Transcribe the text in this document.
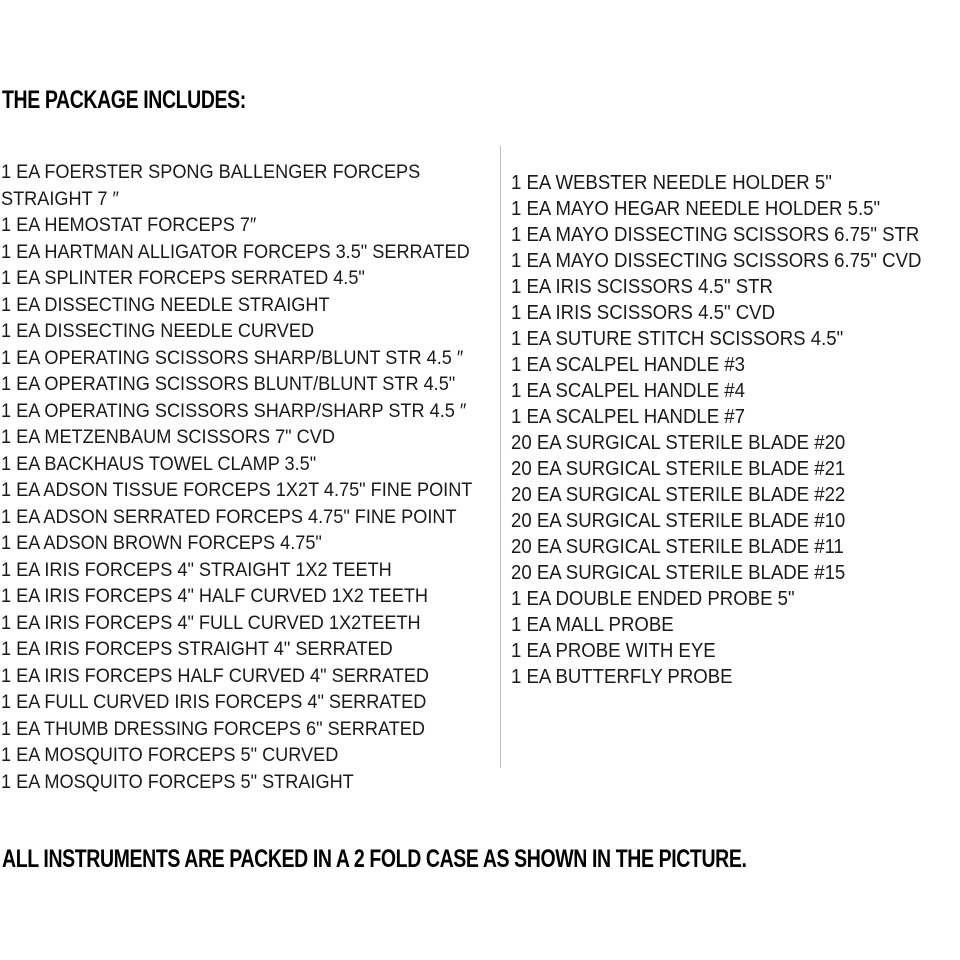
THE PACKAGE INCLUDES:
1 EA FOERSTER SPONG BALLENGER FORCEPS
STRAIGHT 7 ″
1 EA HEMOSTAT FORCEPS 7″
1 EA HARTMAN ALLIGATOR FORCEPS 3.5" SERRATED
1 EA SPLINTER FORCEPS SERRATED 4.5"
1 EA DISSECTING NEEDLE STRAIGHT
1 EA DISSECTING NEEDLE CURVED
1 EA OPERATING SCISSORS SHARP/BLUNT STR 4.5 ″
1 EA OPERATING SCISSORS BLUNT/BLUNT STR 4.5"
1 EA OPERATING SCISSORS SHARP/SHARP STR 4.5 ″
1 EA METZENBAUM SCISSORS 7" CVD
1 EA BACKHAUS TOWEL CLAMP 3.5"
1 EA ADSON TISSUE FORCEPS 1X2T 4.75" FINE POINT
1 EA ADSON SERRATED FORCEPS 4.75" FINE POINT
1 EA ADSON BROWN FORCEPS 4.75"
1 EA IRIS FORCEPS 4" STRAIGHT 1X2 TEETH
1 EA IRIS FORCEPS 4" HALF CURVED 1X2 TEETH
1 EA IRIS FORCEPS 4" FULL CURVED 1X2TEETH
1 EA IRIS FORCEPS STRAIGHT 4" SERRATED
1 EA IRIS FORCEPS HALF CURVED 4" SERRATED
1 EA FULL CURVED IRIS FORCEPS 4" SERRATED
1 EA THUMB DRESSING FORCEPS 6" SERRATED
1 EA MOSQUITO FORCEPS 5" CURVED
1 EA MOSQUITO FORCEPS 5" STRAIGHT
1 EA WEBSTER NEEDLE HOLDER 5"
1 EA MAYO HEGAR NEEDLE HOLDER 5.5"
1 EA MAYO DISSECTING SCISSORS 6.75" STR
1 EA MAYO DISSECTING SCISSORS 6.75" CVD
1 EA IRIS SCISSORS 4.5" STR
1 EA IRIS SCISSORS 4.5" CVD
1 EA SUTURE STITCH SCISSORS 4.5"
1 EA SCALPEL HANDLE #3
1 EA SCALPEL HANDLE #4
1 EA SCALPEL HANDLE #7
20 EA SURGICAL STERILE BLADE #20
20 EA SURGICAL STERILE BLADE #21
20 EA SURGICAL STERILE BLADE #22
20 EA SURGICAL STERILE BLADE #10
20 EA SURGICAL STERILE BLADE #11
20 EA SURGICAL STERILE BLADE #15
1 EA DOUBLE ENDED PROBE 5"
1 EA MALL PROBE
1 EA PROBE WITH EYE
1 EA BUTTERFLY PROBE
ALL INSTRUMENTS ARE PACKED IN A 2 FOLD CASE AS SHOWN IN THE PICTURE.
